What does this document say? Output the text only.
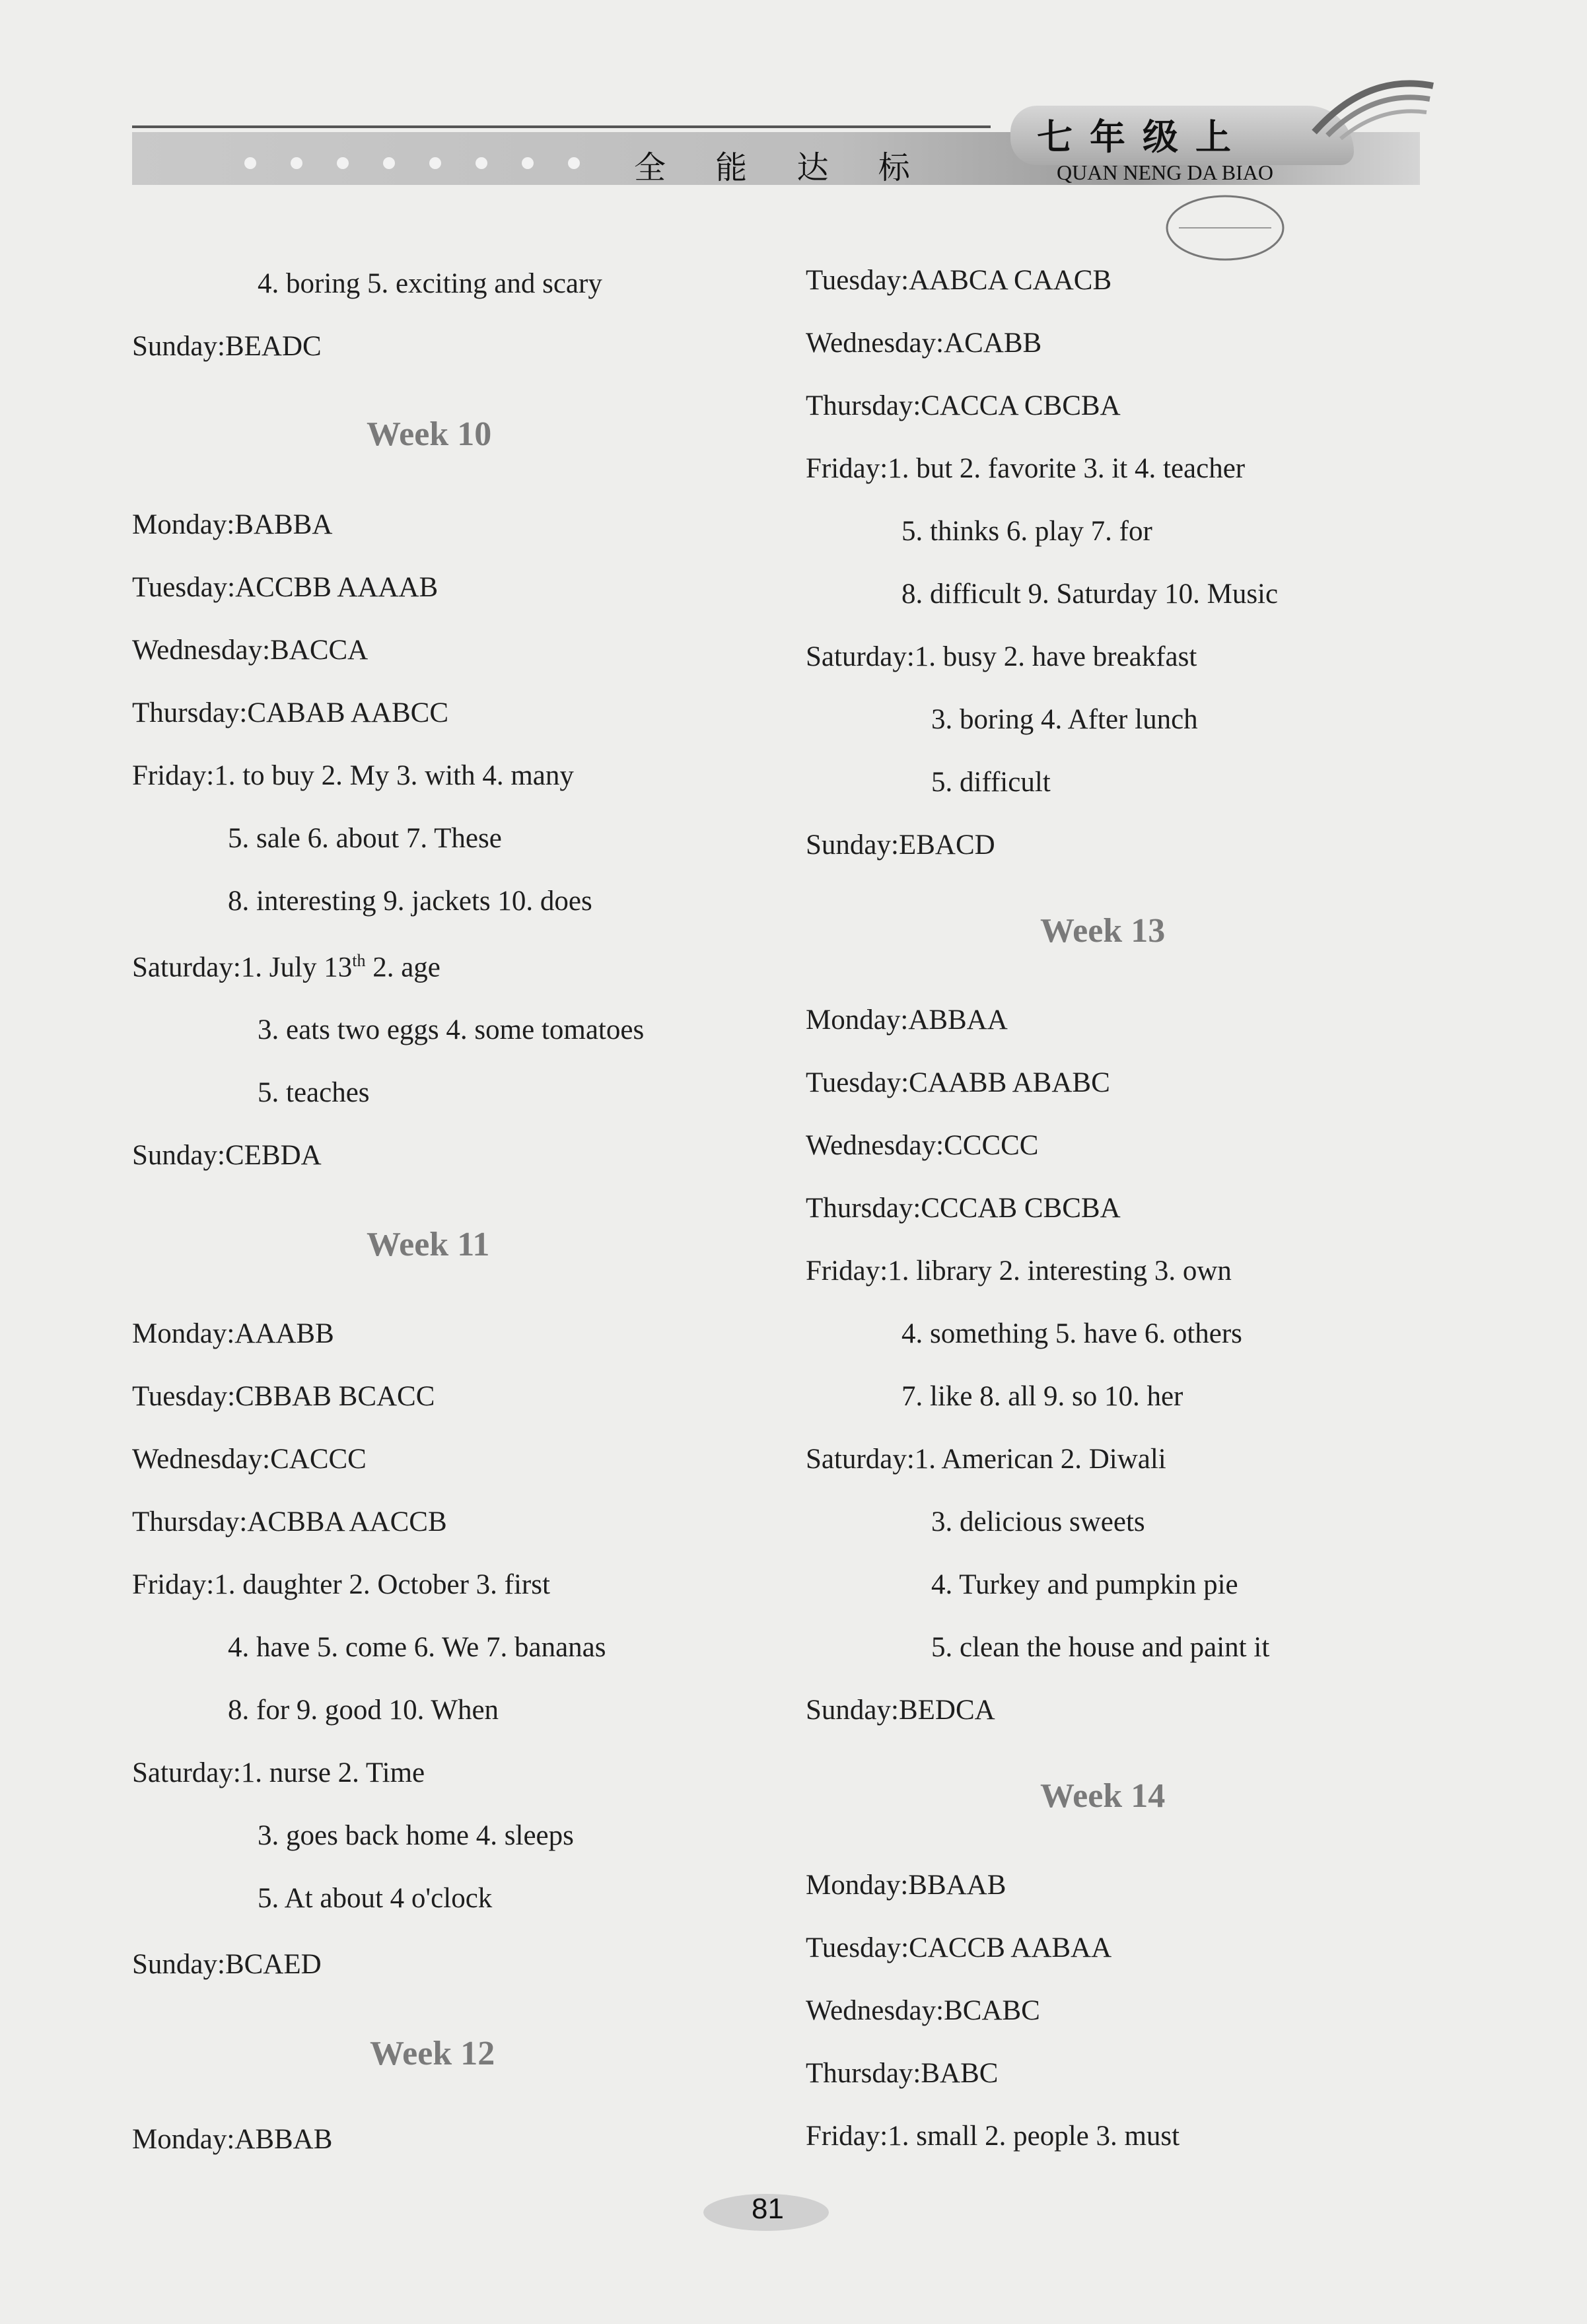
全 能 达 标
七年级上
QUAN NENG DA BIAO
4. boring 5. exciting and scary
Sunday:BEADC
Week 10
Monday:BABBA
Tuesday:ACCBB AAAAB
Wednesday:BACCA
Thursday:CABAB AABCC
Friday:1. to buy 2. My 3. with 4. many
5. sale 6. about 7. These
8. interesting 9. jackets 10. does
Saturday:1. July 13th 2. age
3. eats two eggs 4. some tomatoes
5. teaches
Sunday:CEBDA
Week 11
Monday:AAABB
Tuesday:CBBAB BCACC
Wednesday:CACCC
Thursday:ACBBA AACCB
Friday:1. daughter 2. October 3. first
4. have 5. come 6. We 7. bananas
8. for 9. good 10. When
Saturday:1. nurse 2. Time
3. goes back home 4. sleeps
5. At about 4 o'clock
Sunday:BCAED
Week 12
Monday:ABBAB
Tuesday:AABCA CAACB
Wednesday:ACABB
Thursday:CACCA CBCBA
Friday:1. but 2. favorite 3. it 4. teacher
5. thinks 6. play 7. for
8. difficult 9. Saturday 10. Music
Saturday:1. busy 2. have breakfast
3. boring 4. After lunch
5. difficult
Sunday:EBACD
Week 13
Monday:ABBAA
Tuesday:CAABB ABABC
Wednesday:CCCCC
Thursday:CCCAB CBCBA
Friday:1. library 2. interesting 3. own
4. something 5. have 6. others
7. like 8. all 9. so 10. her
Saturday:1. American 2. Diwali
3. delicious sweets
4. Turkey and pumpkin pie
5. clean the house and paint it
Sunday:BEDCA
Week 14
Monday:BBAAB
Tuesday:CACCB AABAA
Wednesday:BCABC
Thursday:BABC
Friday:1. small 2. people 3. must
81
